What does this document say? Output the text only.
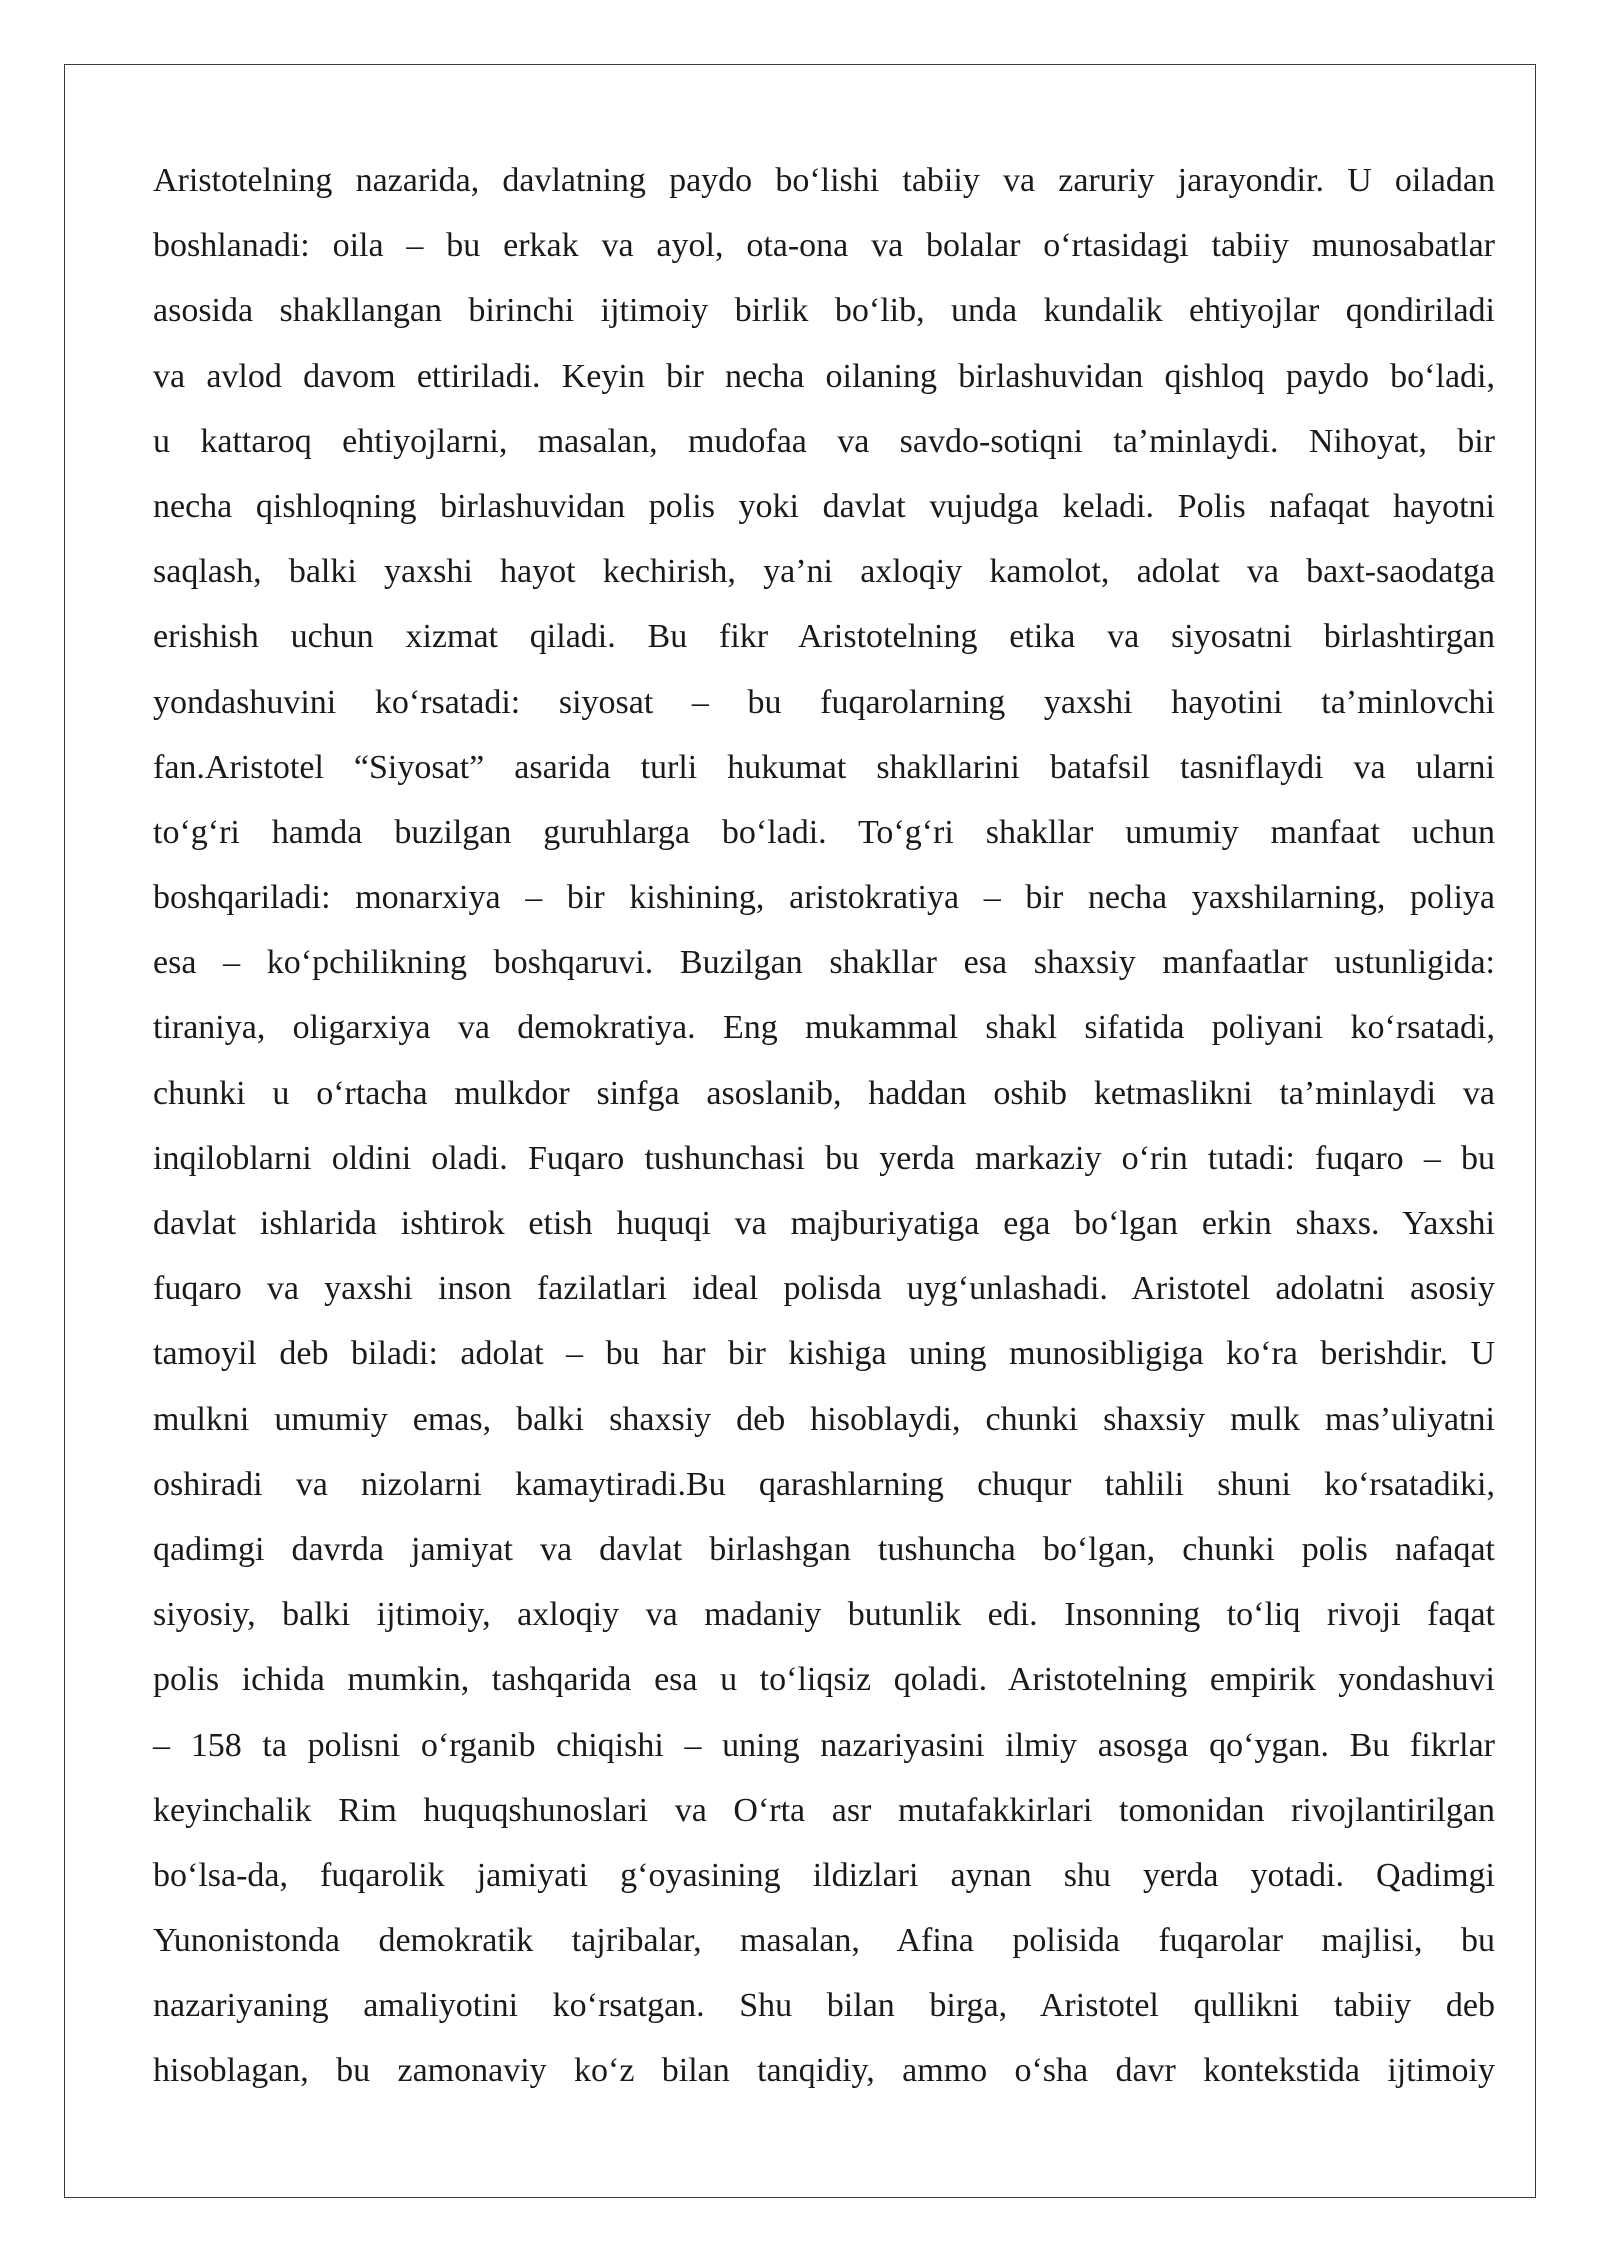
Aristotelning nazarida, davlatning paydo bo‘lishi tabiiy va zaruriy jarayondir. U oiladan
boshlanadi: oila – bu erkak va ayol, ota-ona va bolalar o‘rtasidagi tabiiy munosabatlar
asosida shakllangan birinchi ijtimoiy birlik bo‘lib, unda kundalik ehtiyojlar qondiriladi
va avlod davom ettiriladi. Keyin bir necha oilaning birlashuvidan qishloq paydo bo‘ladi,
u kattaroq ehtiyojlarni, masalan, mudofaa va savdo-sotiqni ta’minlaydi. Nihoyat, bir
necha qishloqning birlashuvidan polis yoki davlat vujudga keladi. Polis nafaqat hayotni
saqlash, balki yaxshi hayot kechirish, ya’ni axloqiy kamolot, adolat va baxt-saodatga
erishish uchun xizmat qiladi. Bu fikr Aristotelning etika va siyosatni birlashtirgan
yondashuvini ko‘rsatadi: siyosat – bu fuqarolarning yaxshi hayotini ta’minlovchi
fan.Aristotel “Siyosat” asarida turli hukumat shakllarini batafsil tasniflaydi va ularni
to‘g‘ri hamda buzilgan guruhlarga bo‘ladi. To‘g‘ri shakllar umumiy manfaat uchun
boshqariladi: monarxiya – bir kishining, aristokratiya – bir necha yaxshilarning, poliya
esa – ko‘pchilikning boshqaruvi. Buzilgan shakllar esa shaxsiy manfaatlar ustunligida:
tiraniya, oligarxiya va demokratiya. Eng mukammal shakl sifatida poliyani ko‘rsatadi,
chunki u o‘rtacha mulkdor sinfga asoslanib, haddan oshib ketmaslikni ta’minlaydi va
inqiloblarni oldini oladi. Fuqaro tushunchasi bu yerda markaziy o‘rin tutadi: fuqaro – bu
davlat ishlarida ishtirok etish huquqi va majburiyatiga ega bo‘lgan erkin shaxs. Yaxshi
fuqaro va yaxshi inson fazilatlari ideal polisda uyg‘unlashadi. Aristotel adolatni asosiy
tamoyil deb biladi: adolat – bu har bir kishiga uning munosibligiga ko‘ra berishdir. U
mulkni umumiy emas, balki shaxsiy deb hisoblaydi, chunki shaxsiy mulk mas’uliyatni
oshiradi va nizolarni kamaytiradi.Bu qarashlarning chuqur tahlili shuni ko‘rsatadiki,
qadimgi davrda jamiyat va davlat birlashgan tushuncha bo‘lgan, chunki polis nafaqat
siyosiy, balki ijtimoiy, axloqiy va madaniy butunlik edi. Insonning to‘liq rivoji faqat
polis ichida mumkin, tashqarida esa u to‘liqsiz qoladi. Aristotelning empirik yondashuvi
– 158 ta polisni o‘rganib chiqishi – uning nazariyasini ilmiy asosga qo‘ygan. Bu fikrlar
keyinchalik Rim huquqshunoslari va O‘rta asr mutafakkirlari tomonidan rivojlantirilgan
bo‘lsa-da, fuqarolik jamiyati g‘oyasining ildizlari aynan shu yerda yotadi. Qadimgi
Yunonistonda demokratik tajribalar, masalan, Afina polisida fuqarolar majlisi, bu
nazariyaning amaliyotini ko‘rsatgan. Shu bilan birga, Aristotel qullikni tabiiy deb
hisoblagan, bu zamonaviy ko‘z bilan tanqidiy, ammo o‘sha davr kontekstida ijtimoiy
